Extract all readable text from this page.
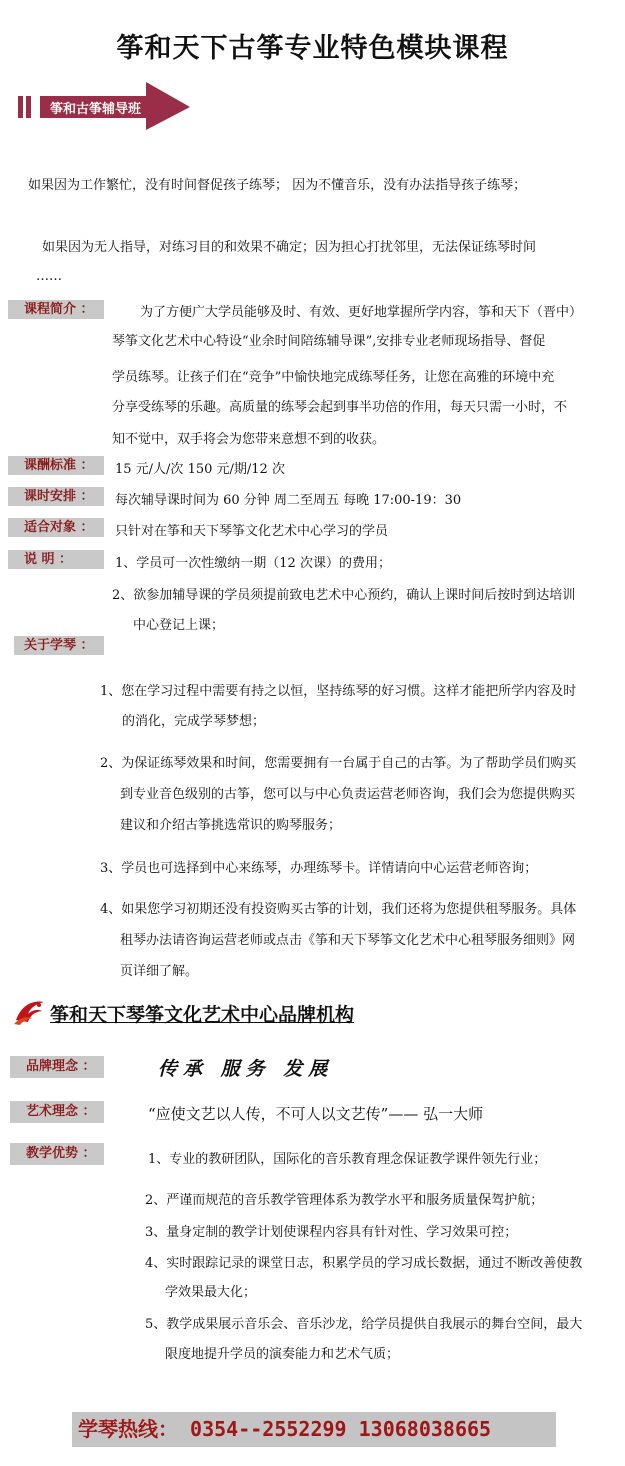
筝和天下古筝专业特色模块课程
筝和古筝辅导班
如果因为工作繁忙，没有时间督促孩子练琴； 因为不懂音乐，没有办法指导孩子练琴；
如果因为无人指导，对练习目的和效果不确定；因为担心打扰邻里，无法保证练琴时间
……
课程简介 ：	为了方便广大学员能够及时、有效、更好地掌握所学内容，筝和天下（晋中）
琴筝文化艺术中心特设“业余时间陪练辅导课”,安排专业老师现场指导、督促
学员练琴。让孩子们在“竞争”中愉快地完成练琴任务，让您在高雅的环境中充
分享受练琴的乐趣。高质量的练琴会起到事半功倍的作用，每天只需一小时，不
知不觉中，双手将会为您带来意想不到的收获。
课酬标准 ：	15 元/人/次 150 元/期/12 次
课时安排 ：	每次辅导课时间为 60 分钟 周二至周五 每晚 17:00-19：30
适合对象 ：	只针对在筝和天下琴筝文化艺术中心学习的学员
说 明 ：	1、学员可一次性缴纳一期（12 次课）的费用；
2、欲参加辅导课的学员须提前致电艺术中心预约，确认上课时间后按时到达培训
中心登记上课；
关于学琴 ：
1、您在学习过程中需要有持之以恒，坚持练琴的好习惯。这样才能把所学内容及时
的消化，完成学琴梦想；
2、为保证练琴效果和时间，您需要拥有一台属于自己的古筝。为了帮助学员们购买
到专业音色级别的古筝，您可以与中心负责运营老师咨询，我们会为您提供购买
建议和介绍古筝挑选常识的购琴服务；
3、学员也可选择到中心来练琴，办理练琴卡。详情请向中心运营老师咨询；
4、如果您学习初期还没有投资购买古筝的计划，我们还将为您提供租琴服务。具体
租琴办法请咨询运营老师或点击《筝和天下琴筝文化艺术中心租琴服务细则》网
页详细了解。
筝和天下琴筝文化艺术中心品牌机构
品牌理念 ：	传承 服务 发展
艺术理念 ：	“应使文艺以人传，不可人以文艺传”—— 弘一大师
教学优势 ：	1、专业的教研团队，国际化的音乐教育理念保证教学课件领先行业；
2、严谨而规范的音乐教学管理体系为教学水平和服务质量保驾护航；
3、量身定制的教学计划使课程内容具有针对性、学习效果可控；
4、实时跟踪记录的课堂日志，积累学员的学习成长数据，通过不断改善使教
学效果最大化；
5、教学成果展示音乐会、音乐沙龙，给学员提供自我展示的舞台空间，最大
限度地提升学员的演奏能力和艺术气质；
学琴热线： 0354--2552299 13068038665
